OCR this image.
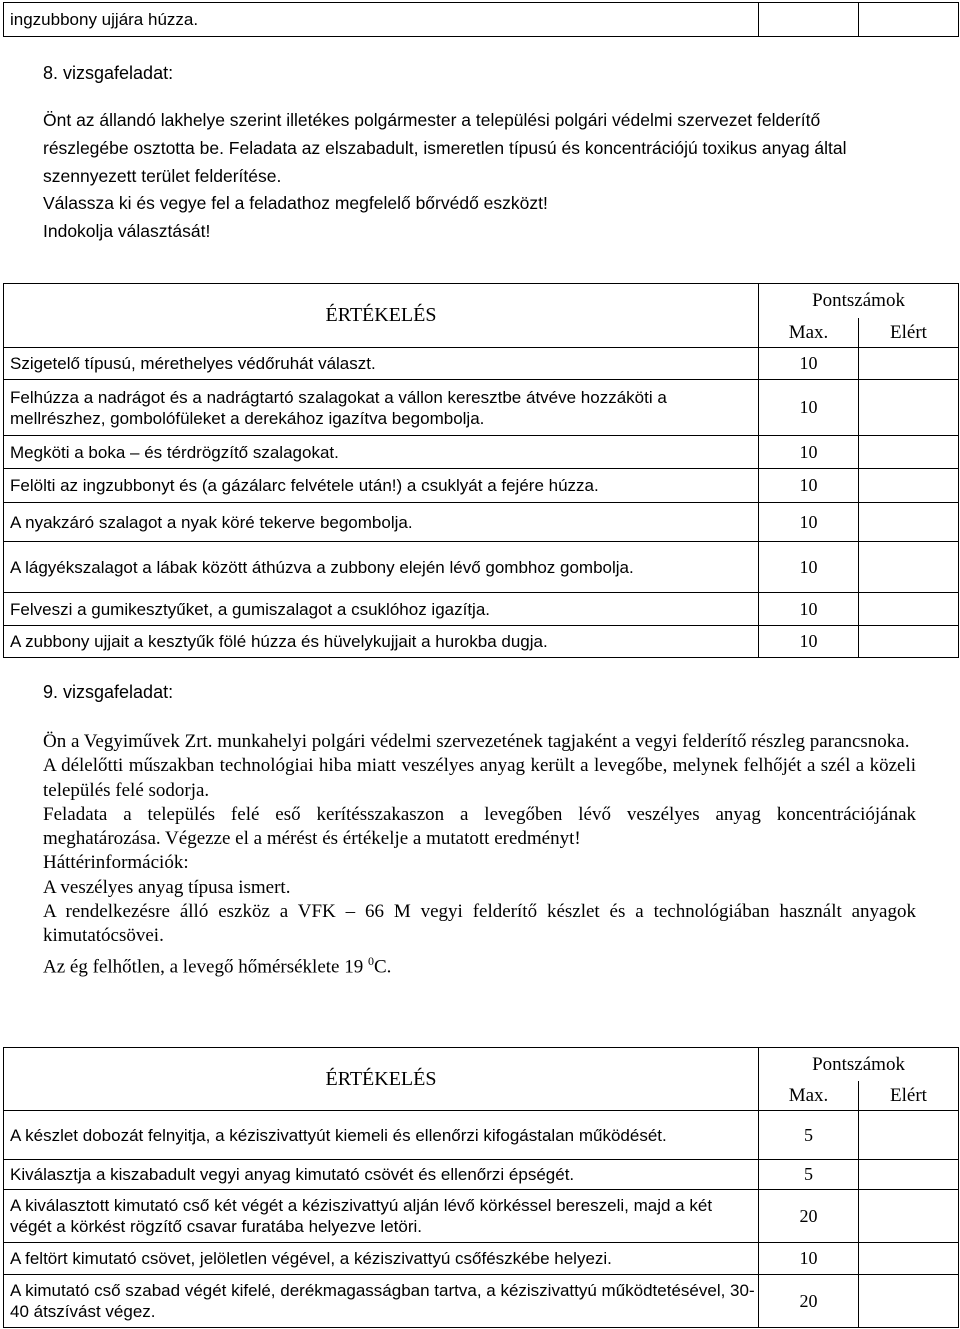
ingzubbony ujjára húzza.		
8. vizsgafeladat:
Önt az állandó lakhelye szerint illetékes polgármester a települési polgári védelmi szervezet felderítő
részlegébe osztotta be. Feladata az elszabadult, ismeretlen típusú és koncentrációjú toxikus anyag által
szennyezett terület felderítése.
Válassza ki és vegye fel a feladathoz megfelelő bőrvédő eszközt!
Indokolja választását!
ÉRTÉKELÉS	Pontszámok	
	Max.	Elért
Szigetelő típusú, mérethelyes védőruhát választ.	10	
Felhúzza a nadrágot és a nadrágtartó szalagokat a vállon keresztbe átvéve hozzáköti a mellrészhez, gombolófüleket a derekához igazítva begombolja.	10	
Megköti a boka – és térdrögzítő szalagokat.	10	
Felölti az ingzubbonyt és (a gázálarc felvétele után!) a csuklyát a fejére húzza.	10	
A nyakzáró szalagot a nyak köré tekerve begombolja.	10	
A lágyékszalagot a lábak között áthúzva a zubbony elején lévő gombhoz gombolja.	10	
Felveszi a gumikesztyűket, a gumiszalagot a csuklóhoz igazítja.	10	
A zubbony ujjait a kesztyűk fölé húzza és hüvelykujjait a hurokba dugja.	10	
9. vizsgafeladat:

Ön a Vegyiművek Zrt. munkahelyi polgári védelmi szervezetének tagjaként a vegyi felderítő részleg parancsnoka.

A délelőtti műszakban technológiai hiba miatt veszélyes anyag került a levegőbe, melynek felhőjét a szél a közeli település felé sodorja.

Feladata a település felé eső kerítésszakaszon a levegőben lévő veszélyes anyag koncentrációjának meghatározása. Végezze el a mérést és értékelje a mutatott eredményt!

Háttérinformációk:

A veszélyes anyag típusa ismert.

A rendelkezésre álló eszköz a VFK – 66 M vegyi felderítő készlet és a technológiában használt anyagok kimutatócsövei.

Az ég felhőtlen, a levegő hőmérséklete 19 $^0$C.

ÉRTÉKELÉS	Pontszámok	
	Max.	Elért
A készlet dobozát felnyitja, a kéziszivattyút kiemeli és ellenőrzi kifogástalan működését.	5	
Kiválasztja a kiszabadult vegyi anyag kimutató csövét és ellenőrzi épségét.	5	
A kiválasztott kimutató cső két végét a kéziszivattyú alján lévő körkéssel bereszeli, majd a két végét a körkést rögzítő csavar furatába helyezve letöri.	20	
A feltört kimutató csövet, jelöletlen végével, a kéziszivattyú csőfészkébe helyezi.	10	
A kimutató cső szabad végét kifelé, derékmagasságban tartva, a kéziszivattyú működtetésével, 30-40 átszívást végez.	20	
